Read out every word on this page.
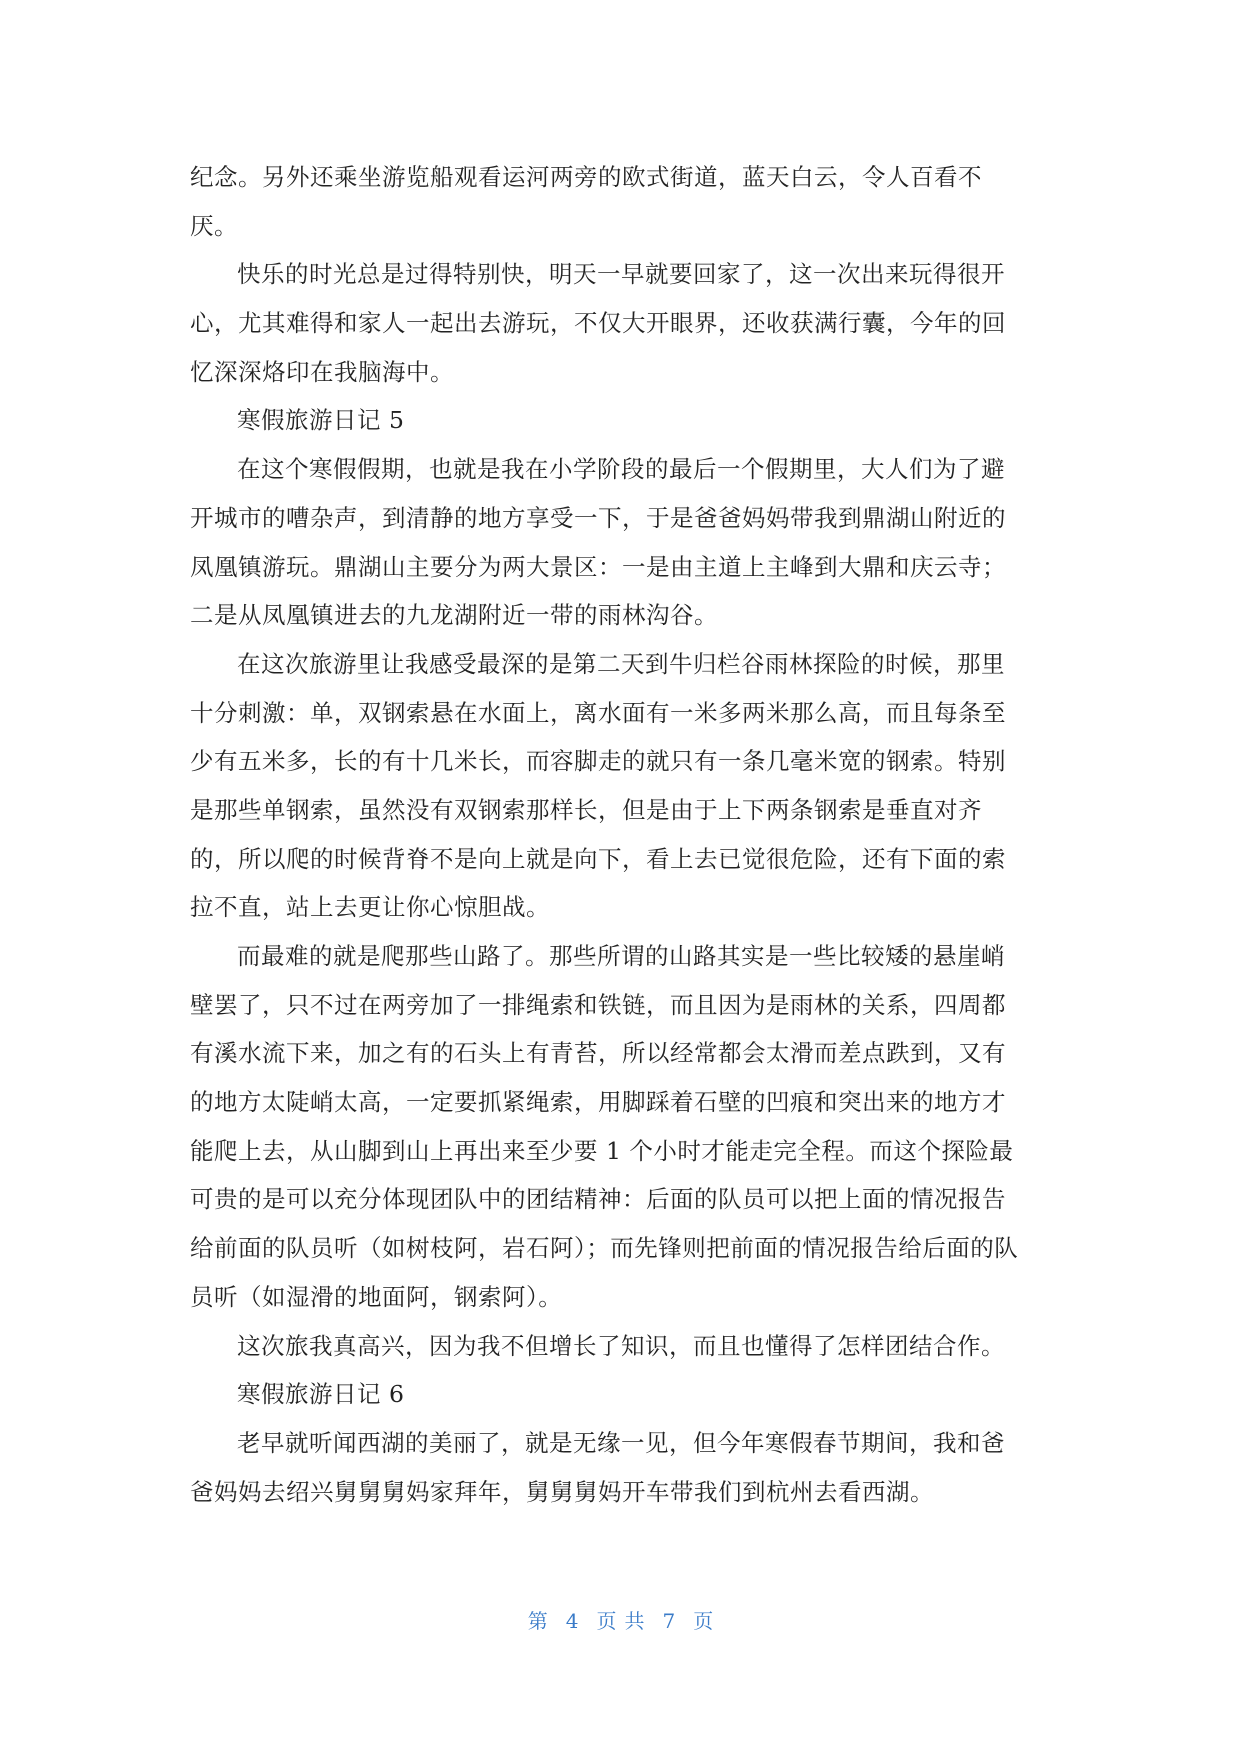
纪念。另外还乘坐游览船观看运河两旁的欧式街道，蓝天白云，令人百看不
厌。
快乐的时光总是过得特别快，明天一早就要回家了，这一次出来玩得很开
心，尤其难得和家人一起出去游玩，不仅大开眼界，还收获满行囊，今年的回
忆深深烙印在我脑海中。
寒假旅游日记 5
在这个寒假假期，也就是我在小学阶段的最后一个假期里，大人们为了避
开城市的嘈杂声，到清静的地方享受一下，于是爸爸妈妈带我到鼎湖山附近的
凤凰镇游玩。鼎湖山主要分为两大景区：一是由主道上主峰到大鼎和庆云寺；
二是从凤凰镇进去的九龙湖附近一带的雨林沟谷。
在这次旅游里让我感受最深的是第二天到牛归栏谷雨林探险的时候，那里
十分刺激：单，双钢索悬在水面上，离水面有一米多两米那么高，而且每条至
少有五米多，长的有十几米长，而容脚走的就只有一条几毫米宽的钢索。特别
是那些单钢索，虽然没有双钢索那样长，但是由于上下两条钢索是垂直对齐
的，所以爬的时候背脊不是向上就是向下，看上去已觉很危险，还有下面的索
拉不直，站上去更让你心惊胆战。
而最难的就是爬那些山路了。那些所谓的山路其实是一些比较矮的悬崖峭
壁罢了，只不过在两旁加了一排绳索和铁链，而且因为是雨林的关系，四周都
有溪水流下来，加之有的石头上有青苔，所以经常都会太滑而差点跌到，又有
的地方太陡峭太高，一定要抓紧绳索，用脚踩着石壁的凹痕和突出来的地方才
能爬上去，从山脚到山上再出来至少要 1 个小时才能走完全程。而这个探险最
可贵的是可以充分体现团队中的团结精神：后面的队员可以把上面的情况报告
给前面的队员听（如树枝阿，岩石阿）；而先锋则把前面的情况报告给后面的队
员听（如湿滑的地面阿，钢索阿）。
这次旅我真高兴，因为我不但增长了知识，而且也懂得了怎样团结合作。
寒假旅游日记 6
老早就听闻西湖的美丽了，就是无缘一见，但今年寒假春节期间，我和爸
爸妈妈去绍兴舅舅舅妈家拜年，舅舅舅妈开车带我们到杭州去看西湖。
第 4 页 共 7 页
